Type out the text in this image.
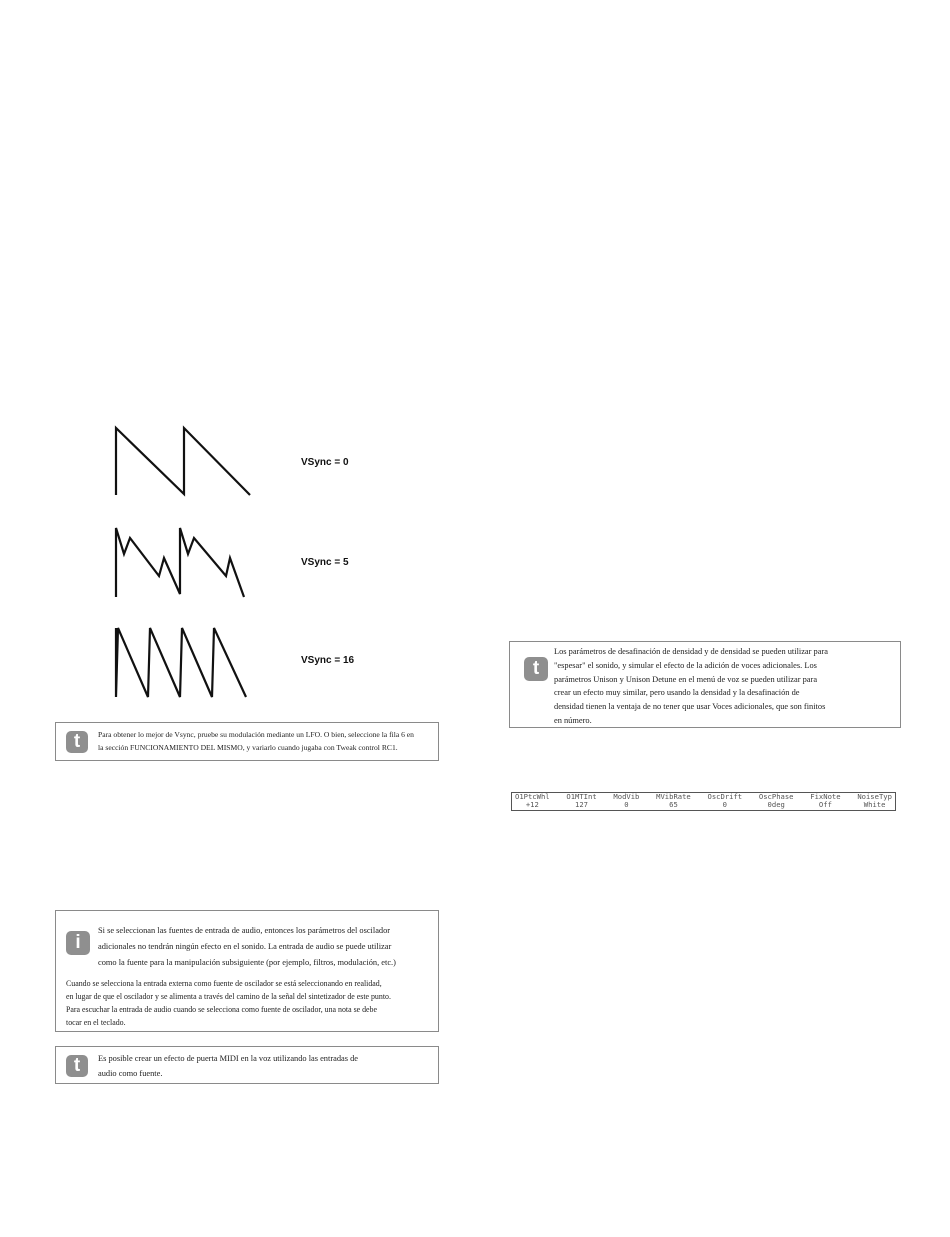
VSync = 0
VSync = 5
VSync = 16
t	Para obtener lo mejor de Vsync, pruebe su modulación mediante un LFO. O bien, seleccione la fila 6 en
la sección FUNCIONAMIENTO DEL MISMO, y variarlo cuando jugaba con Tweak control RC1.
i
Si se seleccionan las fuentes de entrada de audio, entonces los parámetros del oscilador
adicionales no tendrán ningún efecto en el sonido. La entrada de audio se puede utilizar
como la fuente para la manipulación subsiguiente (por ejemplo, filtros, modulación, etc.)
Cuando se selecciona la entrada externa como fuente de oscilador se está seleccionando en realidad,
en lugar de que el oscilador y se alimenta a través del camino de la señal del sintetizador de este punto.
Para escuchar la entrada de audio cuando se selecciona como fuente de oscilador, una nota se debe
tocar en el teclado.
t	Es posible crear un efecto de puerta MIDI en la voz utilizando las entradas de
audio como fuente.
t
Los parámetros de desafinación de densidad y de densidad se pueden utilizar para
"espesar" el sonido, y simular el efecto de la adición de voces adicionales. Los
parámetros Unison y Unison Detune en el menú de voz se pueden utilizar para
crear un efecto muy similar, pero usando la densidad y la desafinación de
densidad tienen la ventaja de no tener que usar Voces adicionales, que son finitos
en número.
O1PtcWhl
+12
O1MTInt
127
ModVib
0
MVibRate
65
OscDrift
0
OscPhase
0deg
FixNote
Off
NoiseTyp
White
